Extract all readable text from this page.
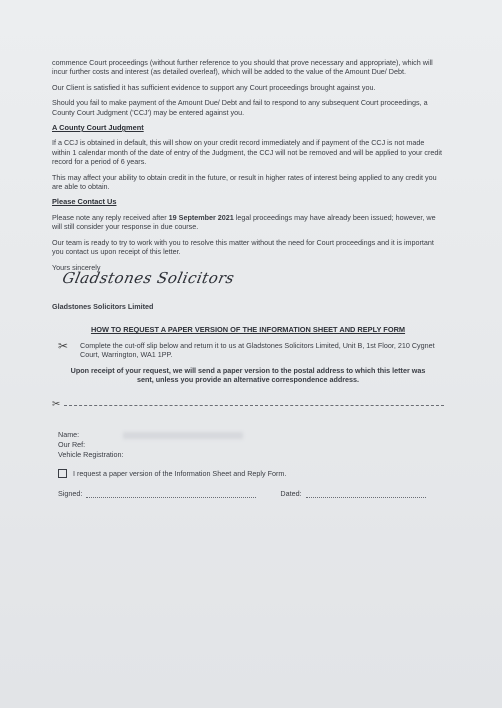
commence Court proceedings (without further reference to you should that prove necessary and appropriate), which will incur further costs and interest (as detailed overleaf), which will be added to the value of the Amount Due/ Debt.

Our Client is satisfied it has sufficient evidence to support any Court proceedings brought against you.

Should you fail to make payment of the Amount Due/ Debt and fail to respond to any subsequent Court proceedings, a County Court Judgment ('CCJ') may be entered against you.

A County Court Judgment

If a CCJ is obtained in default, this will show on your credit record immediately and if payment of the CCJ is not made within 1 calendar month of the date of entry of the Judgment, the CCJ will not be removed and will be applied to your credit record for a period of 6 years.

This may affect your ability to obtain credit in the future, or result in higher rates of interest being applied to any credit you are able to obtain.

Please Contact Us

Please note any reply received after 19 September 2021 legal proceedings may have already been issued; however, we will still consider your response in due course.

Our team is ready to try to work with you to resolve this matter without the need for Court proceedings and it is important you contact us upon receipt of this letter.

Yours sincerely
Gladstones Solicitors
Gladstones Solicitors Limited
HOW TO REQUEST A PAPER VERSION OF THE INFORMATION SHEET AND REPLY FORM
✂	Complete the cut-off slip below and return it to us at Gladstones Solicitors Limited, Unit B, 1st Floor, 210 Cygnet Court, Warrington, WA1 1PP.
Upon receipt of your request, we will send a paper version to the postal address to which this letter was sent, unless you provide an alternative correspondence address.
✂
Name:
Our Ref:
Vehicle Registration:
I request a paper version of the Information Sheet and Reply Form.
Signed:	Dated:
